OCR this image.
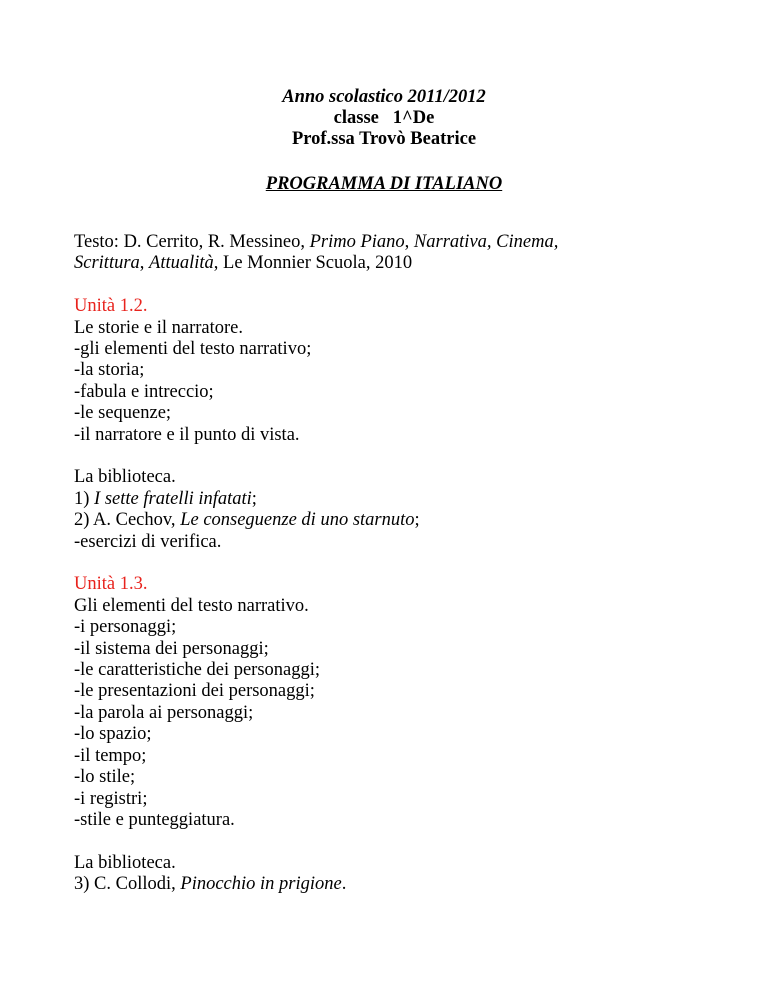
Anno scolastico 2011/2012
classe   1^De
Prof.ssa Trovò Beatrice
PROGRAMMA DI ITALIANO
Testo: D. Cerrito, R. Messineo, Primo Piano, Narrativa, Cinema,
Scrittura, Attualità, Le Monnier Scuola, 2010
Unità 1.2.
Le storie e il narratore.
-gli elementi del testo narrativo;
-la storia;
-fabula e intreccio;
-le sequenze;
-il narratore e il punto di vista.
La biblioteca.
1) I sette fratelli infatati;
2) A. Cechov, Le conseguenze di uno starnuto;
-esercizi di verifica.
Unità 1.3.
Gli elementi del testo narrativo.
-i personaggi;
-il sistema dei personaggi;
-le caratteristiche dei personaggi;
-le presentazioni dei personaggi;
-la parola ai personaggi;
-lo spazio;
-il tempo;
-lo stile;
-i registri;
-stile e punteggiatura.
La biblioteca.
3) C. Collodi, Pinocchio in prigione.
